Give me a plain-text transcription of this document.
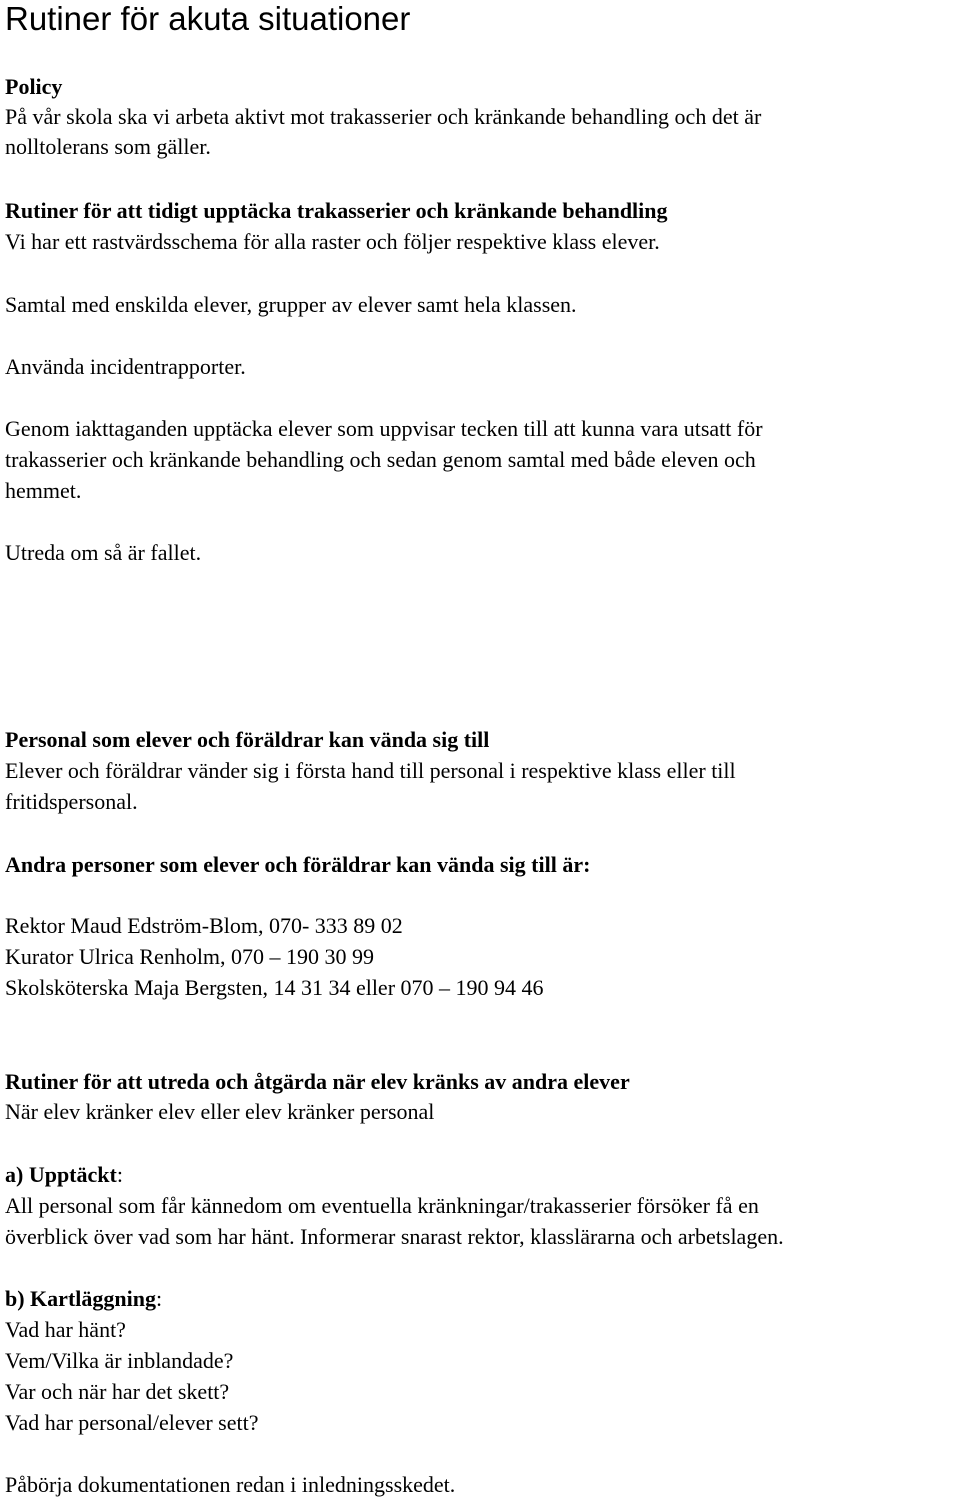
Rutiner för akuta situationer
Policy
På vår skola ska vi arbeta aktivt mot trakasserier och kränkande behandling och det är
nolltolerans som gäller.
Rutiner för att tidigt upptäcka trakasserier och kränkande behandling
Vi har ett rastvärdsschema för alla raster och följer respektive klass elever.
Samtal med enskilda elever, grupper av elever samt hela klassen.
Använda incidentrapporter.
Genom iakttaganden upptäcka elever som uppvisar tecken till att kunna vara utsatt för
trakasserier och kränkande behandling och sedan genom samtal med både eleven och
hemmet.
Utreda om så är fallet.
Personal som elever och föräldrar kan vända sig till
Elever och föräldrar vänder sig i första hand till personal i respektive klass eller till
fritidspersonal.
Andra personer som elever och föräldrar kan vända sig till är:
Rektor Maud Edström-Blom, 070- 333 89 02
Kurator Ulrica Renholm, 070 – 190 30 99
Skolsköterska Maja Bergsten, 14 31 34 eller 070 – 190 94 46
Rutiner för att utreda och åtgärda när elev kränks av andra elever
När elev kränker elev eller elev kränker personal
a) Upptäckt:
All personal som får kännedom om eventuella kränkningar/trakasserier försöker få en
överblick över vad som har hänt. Informerar snarast rektor, klasslärarna och arbetslagen.
b) Kartläggning:
Vad har hänt?
Vem/Vilka är inblandade?
Var och när har det skett?
Vad har personal/elever sett?
Påbörja dokumentationen redan i inledningsskedet.
